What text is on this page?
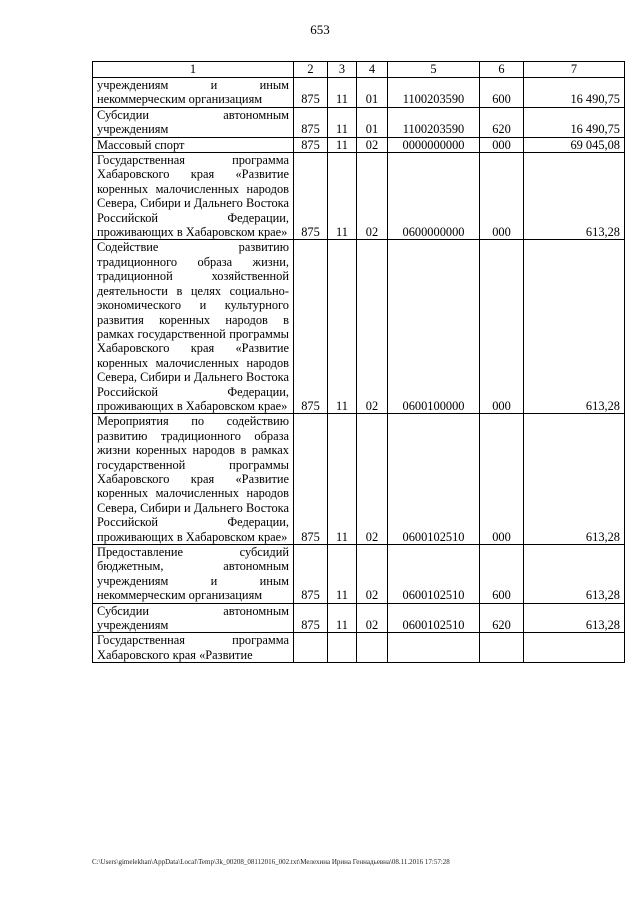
653
1	2	3	4	5	6	7

учреждениям и иным некоммерческим организациям	875	11	01	1100203590	600	16 490,75

Субсидии автономным учреждениям	875	11	01	1100203590	620	16 490,75

Массовый спорт	875	11	02	0000000000	000	69 045,08

Государственная программа Хабаровского края «Развитие коренных малочисленных народов Севера, Сибири и Дальнего Востока Российской Федерации, проживающих в Хабаровском крае»	875	11	02	0600000000	000	613,28

Содействие развитию традиционного образа жизни, традиционной хозяйственной деятельности в целях социально-экономического и культурного развития коренных народов в рамках государственной программы Хабаровского края «Развитие коренных малочисленных народов Севера, Сибири и Дальнего Востока Российской Федерации, проживающих в Хабаровском крае»	875	11	02	0600100000	000	613,28

Мероприятия по содействию развитию традиционного образа жизни коренных народов в рамках государственной программы Хабаровского края «Развитие коренных малочисленных народов Севера, Сибири и Дальнего Востока Российской Федерации, проживающих в Хабаровском крае»	875	11	02	0600102510	000	613,28

Предоставление субсидий бюджетным, автономным учреждениям и иным некоммерческим организациям	875	11	02	0600102510	600	613,28

Субсидии автономным учреждениям	875	11	02	0600102510	620	613,28

Государственная программа Хабаровского края «Развитие						

C:\Users\gimelekhan\AppData\Local\Temp\3k_00208_08112016_002.txt\Мелехина Ирина Геннадьевна\08.11.2016 17:57:28
